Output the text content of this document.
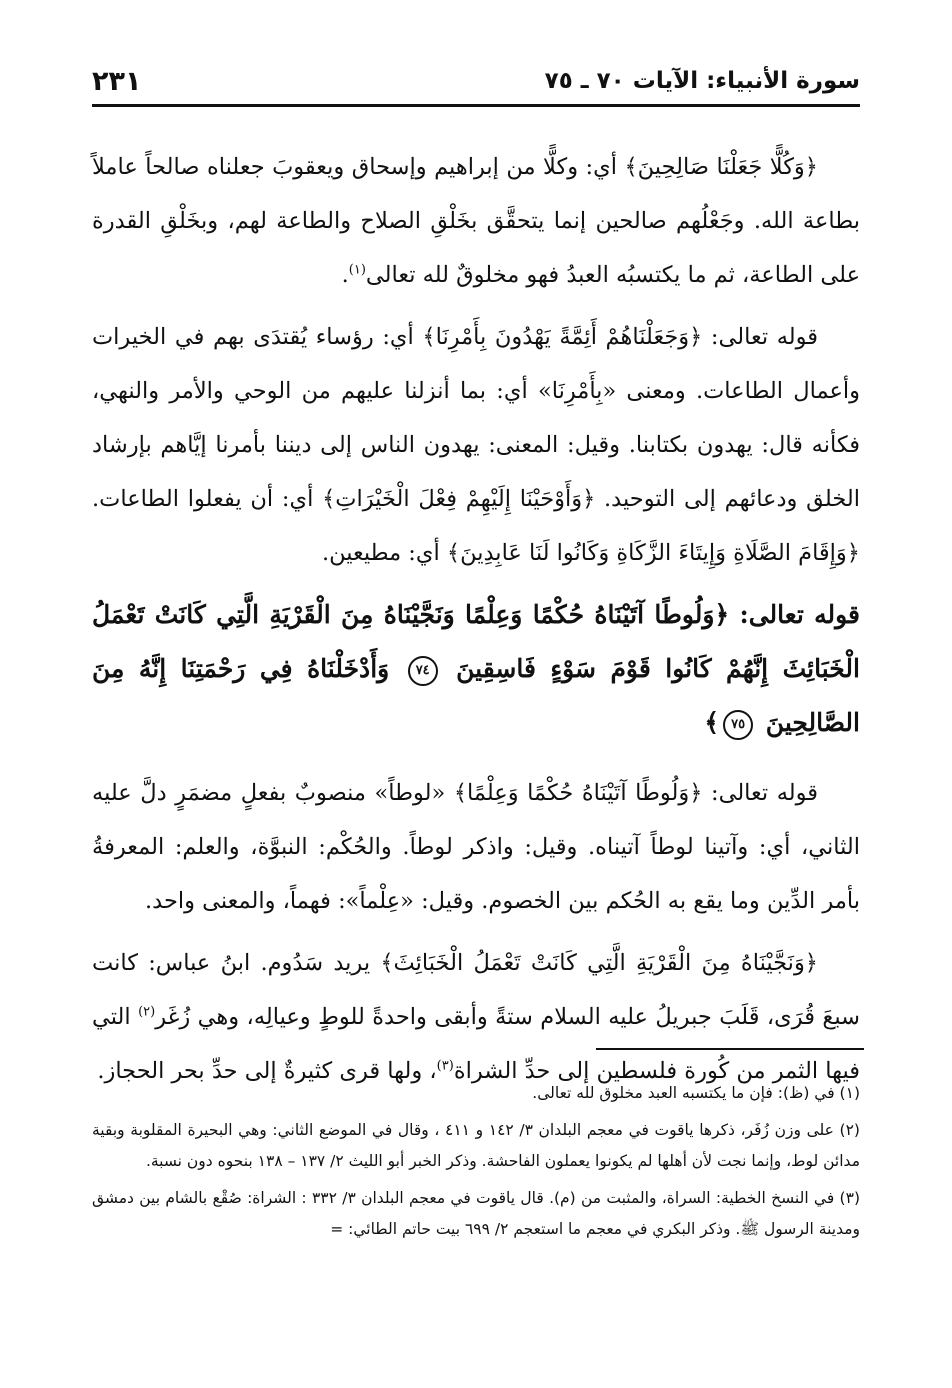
سورة الأنبياء: الآيات ٧٠ ـ ٧٥
٢٣١

﴿وَكُلًّا جَعَلْنَا صَالِحِينَ﴾ أي: وكلًّا من إبراهيم وإسحاق ويعقوبَ جعلناه صالحاً عاملاً بطاعة الله. وجَعْلُهم صالحين إنما يتحقَّق بخَلْقِ الصلاح والطاعة لهم، وبخَلْقِ القدرة على الطاعة، ثم ما يكتسبُه العبدُ فهو مخلوقٌ لله تعالى$^{(١)}$.

قوله تعالى: ﴿وَجَعَلْنَاهُمْ أَئِمَّةً يَهْدُونَ بِأَمْرِنَا﴾ أي: رؤساء يُقتدَى بهم في الخيرات وأعمال الطاعات. ومعنى «بِأَمْرِنَا» أي: بما أنزلنا عليهم من الوحي والأمر والنهي، فكأنه قال: يهدون بكتابنا. وقيل: المعنى: يهدون الناس إلى ديننا بأمرنا إيَّاهم بإرشاد الخلق ودعائهم إلى التوحيد. ﴿وَأَوْحَيْنَا إِلَيْهِمْ فِعْلَ الْخَيْرَاتِ﴾ أي: أن يفعلوا الطاعات. ﴿وَإِقَامَ الصَّلَاةِ وَإِيتَاءَ الزَّكَاةِ وَكَانُوا لَنَا عَابِدِينَ﴾ أي: مطيعين.

قوله تعالى: ﴿وَلُوطًا آتَيْنَاهُ حُكْمًا وَعِلْمًا وَنَجَّيْنَاهُ مِنَ الْقَرْيَةِ الَّتِي كَانَتْ تَعْمَلُ الْخَبَائِثَ إِنَّهُمْ كَانُوا قَوْمَ سَوْءٍ فَاسِقِينَ ٧٤ وَأَدْخَلْنَاهُ فِي رَحْمَتِنَا إِنَّهُ مِنَ الصَّالِحِينَ ٧٥﴾

قوله تعالى: ﴿وَلُوطًا آتَيْنَاهُ حُكْمًا وَعِلْمًا﴾ «لوطاً» منصوبٌ بفعلٍ مضمَرٍ دلَّ عليه الثاني، أي: وآتينا لوطاً آتيناه. وقيل: واذكر لوطاً. والحُكْم: النبوَّة، والعلم: المعرفةُ بأمر الدِّين وما يقع به الحُكم بين الخصوم. وقيل: «عِلْماً»: فهماً، والمعنى واحد.

﴿وَنَجَّيْنَاهُ مِنَ الْقَرْيَةِ الَّتِي كَانَتْ تَعْمَلُ الْخَبَائِثَ﴾ يريد سَدُوم. ابنُ عباس: كانت سبعَ قُرَى، قَلَبَ جبريلُ عليه السلام ستةً وأبقى واحدةً للوطٍ وعيالِه، وهي زُغَر$^{(٢)}$ التي فيها الثمر من كُورة فلسطين إلى حدِّ الشراة$^{(٣)}$، ولها قرى كثيرةٌ إلى حدِّ بحر الحجاز.

(١) في (ظ): فإن ما يكتسبه العبد مخلوق لله تعالى.

(٢) على وزن زُفَر، ذكرها ياقوت في معجم البلدان ٣/ ١٤٢ و ٤١١ ، وقال في الموضع الثاني: وهي البحيرة المقلوبة وبقية مدائن لوط، وإنما نجت لأن أهلها لم يكونوا يعملون الفاحشة. وذكر الخبر أبو الليث ٢/ ١٣٧ – ١٣٨ بنحوه دون نسبة.

(٣) في النسخ الخطية: السراة، والمثبت من (م). قال ياقوت في معجم البلدان ٣/ ٣٣٢ : الشراة: صُقْع بالشام بين دمشق ومدينة الرسول ﷺ. وذكر البكري في معجم ما استعجم ٢/ ٦٩٩ بيت حاتم الطائي: =
